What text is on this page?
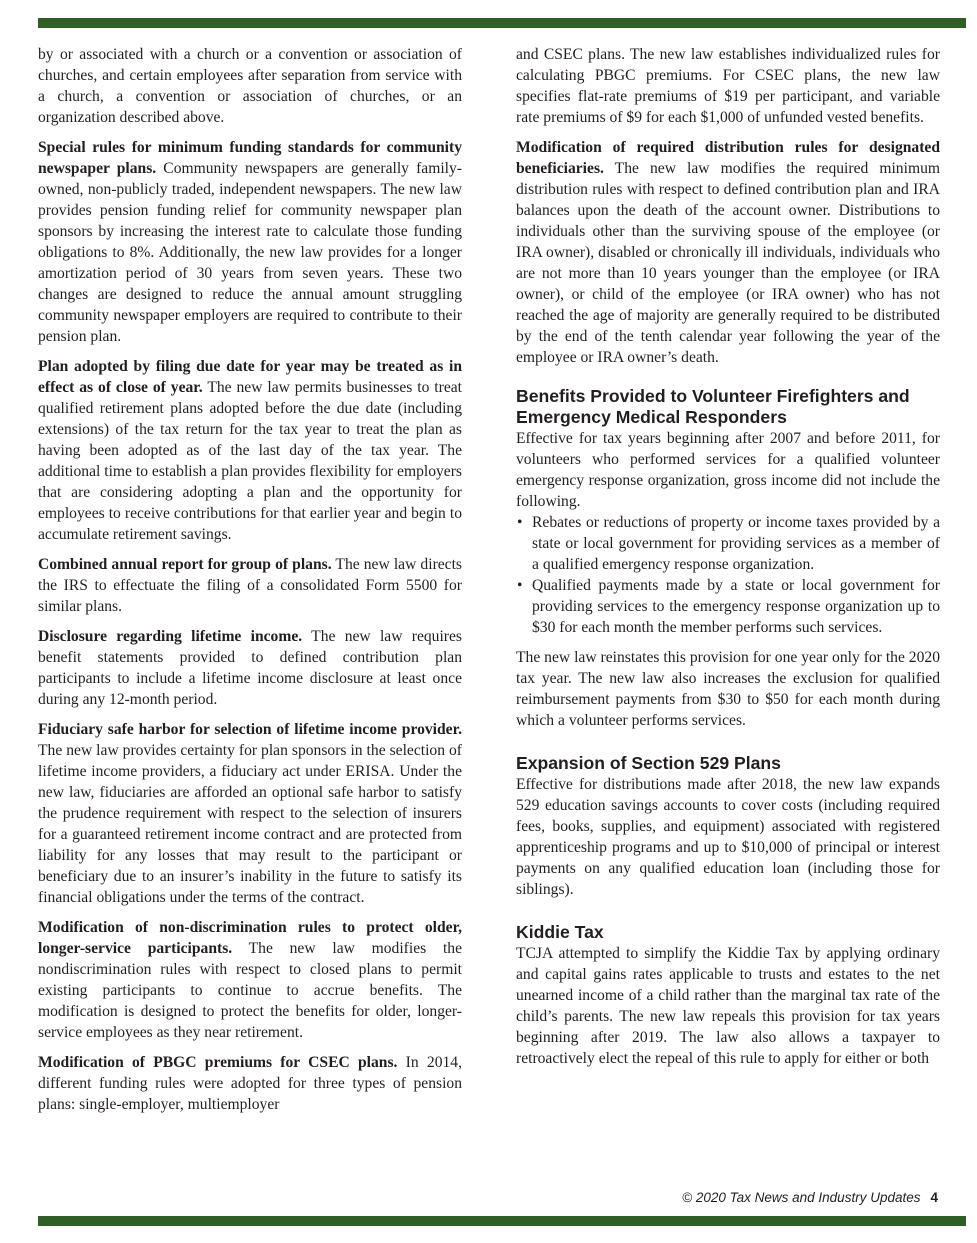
by or associated with a church or a convention or association of churches, and certain employees after separation from service with a church, a convention or association of churches, or an organization described above.

Special rules for minimum funding standards for community newspaper plans. Community newspapers are generally family-owned, non-publicly traded, independent newspapers. The new law provides pension funding relief for community newspaper plan sponsors by increasing the interest rate to calculate those funding obligations to 8%. Additionally, the new law provides for a longer amortization period of 30 years from seven years. These two changes are designed to reduce the annual amount struggling community newspaper employers are required to contribute to their pension plan.

Plan adopted by filing due date for year may be treated as in effect as of close of year. The new law permits businesses to treat qualified retirement plans adopted before the due date (including extensions) of the tax return for the tax year to treat the plan as having been adopted as of the last day of the tax year. The additional time to establish a plan provides flexibility for employers that are considering adopting a plan and the opportunity for employees to receive contributions for that earlier year and begin to accumulate retirement savings.

Combined annual report for group of plans. The new law directs the IRS to effectuate the filing of a consolidated Form 5500 for similar plans.

Disclosure regarding lifetime income. The new law requires benefit statements provided to defined contribution plan participants to include a lifetime income disclosure at least once during any 12-month period.

Fiduciary safe harbor for selection of lifetime income provider. The new law provides certainty for plan sponsors in the selection of lifetime income providers, a fiduciary act under ERISA. Under the new law, fiduciaries are afforded an optional safe harbor to satisfy the prudence requirement with respect to the selection of insurers for a guaranteed retirement income contract and are protected from liability for any losses that may result to the participant or beneficiary due to an insurer’s inability in the future to satisfy its financial obligations under the terms of the contract.

Modification of non-discrimination rules to protect older, longer-service participants. The new law modifies the nondiscrimination rules with respect to closed plans to permit existing participants to continue to accrue benefits. The modification is designed to protect the benefits for older, longer-service employees as they near retirement.

Modification of PBGC premiums for CSEC plans. In 2014, different funding rules were adopted for three types of pension plans: single-employer, multiemployer

and CSEC plans. The new law establishes individualized rules for calculating PBGC premiums. For CSEC plans, the new law specifies flat-rate premiums of $19 per participant, and variable rate premiums of $9 for each $1,000 of unfunded vested benefits.

Modification of required distribution rules for designated beneficiaries. The new law modifies the required minimum distribution rules with respect to defined contribution plan and IRA balances upon the death of the account owner. Distributions to individuals other than the surviving spouse of the employee (or IRA owner), disabled or chronically ill individuals, individuals who are not more than 10 years younger than the employee (or IRA owner), or child of the employee (or IRA owner) who has not reached the age of majority are generally required to be distributed by the end of the tenth calendar year following the year of the employee or IRA owner’s death.

Benefits Provided to Volunteer Firefighters and Emergency Medical Responders

Effective for tax years beginning after 2007 and before 2011, for volunteers who performed services for a qualified volunteer emergency response organization, gross income did not include the following.

• Rebates or reductions of property or income taxes provided by a state or local government for providing services as a member of a qualified emergency response organization.
• Qualified payments made by a state or local government for providing services to the emergency response organization up to $30 for each month the member performs such services.

The new law reinstates this provision for one year only for the 2020 tax year. The new law also increases the exclusion for qualified reimbursement payments from $30 to $50 for each month during which a volunteer performs services.

Expansion of Section 529 Plans

Effective for distributions made after 2018, the new law expands 529 education savings accounts to cover costs (including required fees, books, supplies, and equipment) associated with registered apprenticeship programs and up to $10,000 of principal or interest payments on any qualified education loan (including those for siblings).

Kiddie Tax

TCJA attempted to simplify the Kiddie Tax by applying ordinary and capital gains rates applicable to trusts and estates to the net unearned income of a child rather than the marginal tax rate of the child’s parents. The new law repeals this provision for tax years beginning after 2019. The law also allows a taxpayer to retroactively elect the repeal of this rule to apply for either or both

© 2020 Tax News and Industry Updates 4
